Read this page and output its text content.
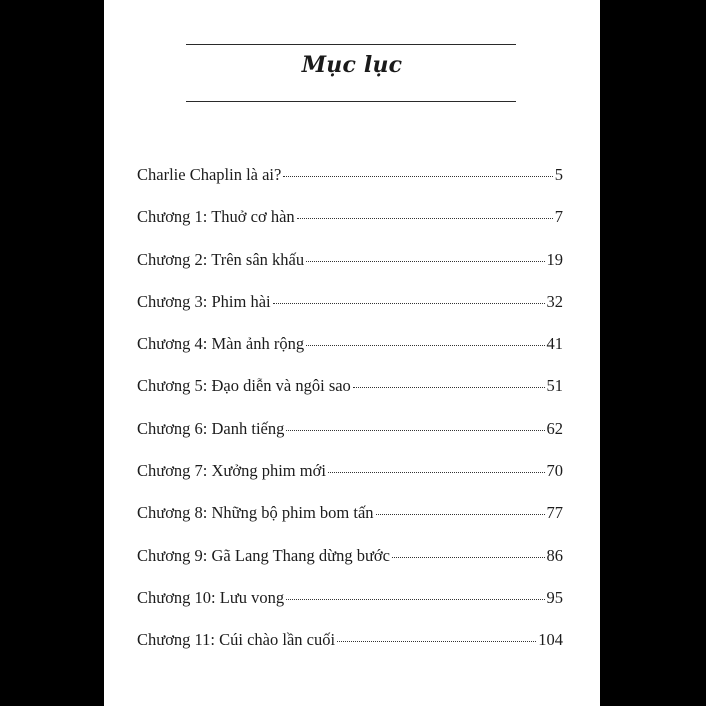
Mục lục
Charlie Chaplin là ai?	5
Chương 1: Thuở cơ hàn	7
Chương 2: Trên sân khấu	19
Chương 3: Phim hài	32
Chương 4: Màn ảnh rộng	41
Chương 5: Đạo diễn và ngôi sao	51
Chương 6: Danh tiếng	62
Chương 7: Xưởng phim mới	70
Chương 8: Những bộ phim bom tấn	77
Chương 9: Gã Lang Thang dừng bước	86
Chương 10: Lưu vong	95
Chương 11: Cúi chào lần cuối	104
